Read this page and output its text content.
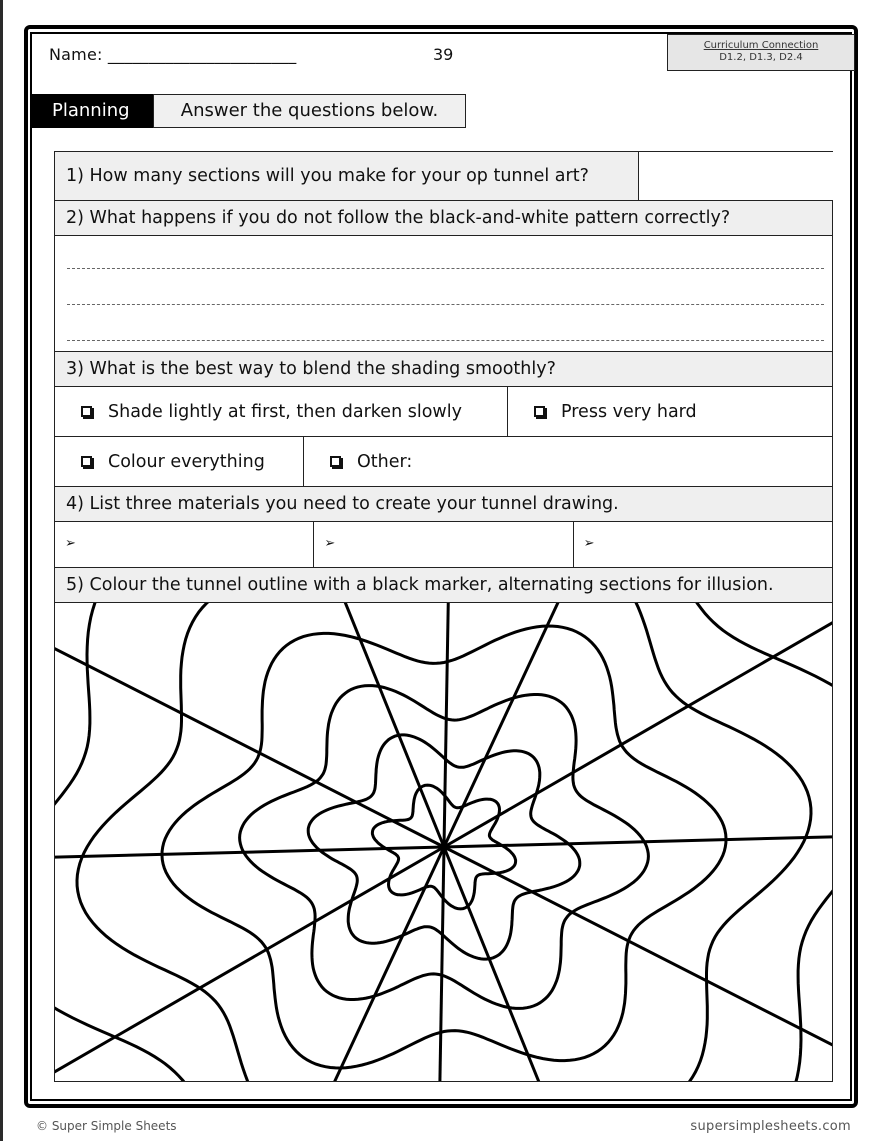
Name: _______________________	39	Curriculum Connection
D1.2, D1.3, D2.4
Planning	Answer the questions below.
1) How many sections will you make for your op tunnel art?
2) What happens if you do not follow the black-and-white pattern correctly?
3) What is the best way to blend the shading smoothly?
Shade lightly at first, then darken slowly	Press very hard
Colour everything	Other:
4) List three materials you need to create your tunnel drawing.
➢	➢	➢
5) Colour the tunnel outline with a black marker, alternating sections for illusion.
© Super Simple Sheets	supersimplesheets.com
